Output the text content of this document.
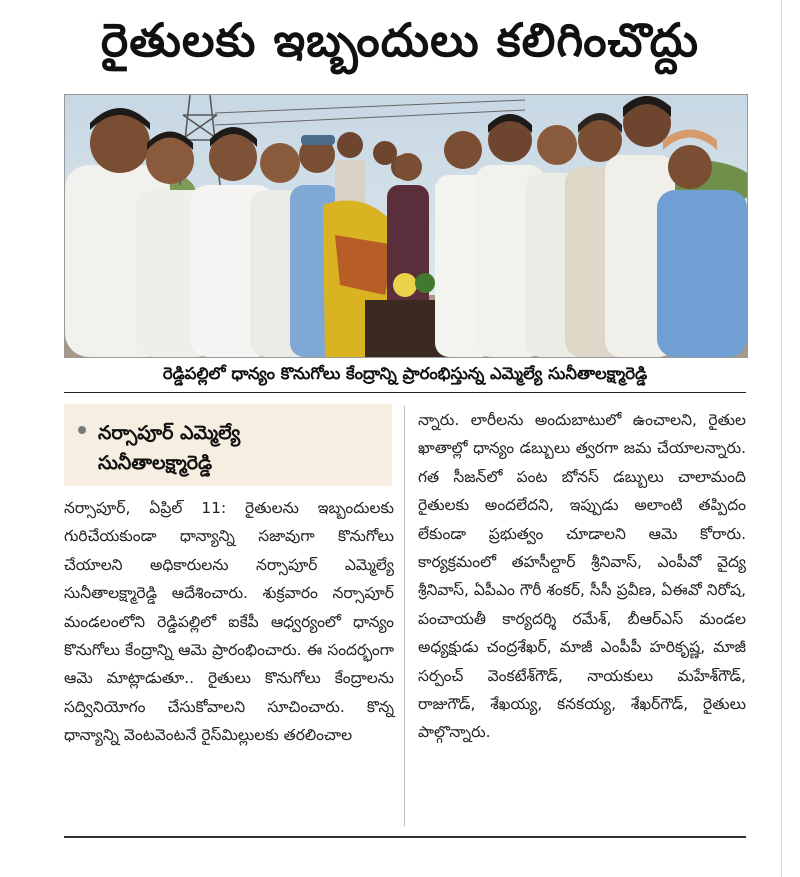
రైతులకు ఇబ్బందులు కలిగించొద్దు
రెడ్డిపల్లిలో ధాన్యం కొనుగోలు కేంద్రాన్ని ప్రారంభిస్తున్న ఎమ్మెల్యే సునీతాలక్ష్మారెడ్డి
నర్సాపూర్ ఎమ్మెల్యే
సునీతాలక్ష్మారెడ్డి

నర్సాపూర్, ఏప్రిల్ 11: రైతులను ఇబ్బందులకు గురిచేయకుండా ధాన్యాన్ని సజావుగా కొనుగోలు చేయాలని అధికారులను నర్సాపూర్ ఎమ్మెల్యే సునీతాలక్ష్మారెడ్డి ఆదేశించారు. శుక్రవారం నర్సాపూర్ మండలంలోని రెడ్డిపల్లిలో ఐకేపీ ఆధ్వర్యంలో ధాన్యం కొనుగోలు కేంద్రాన్ని ఆమె ప్రారంభించారు. ఈ సందర్భంగా ఆమె మాట్లాడుతూ.. రైతులు కొనుగోలు కేంద్రాలను సద్వినియోగం చేసుకోవాలని సూచించారు. కొన్న ధాన్యాన్ని వెంటవెంటనే రైస్‌మిల్లులకు తరలించాల

న్నారు. లారీలను అందుబాటులో ఉంచాలని, రైతుల ఖాతాల్లో ధాన్యం డబ్బులు త్వరగా జమ చేయాలన్నారు. గత సీజన్‌లో పంట బోనస్ డబ్బులు చాలామంది రైతులకు అందలేదని, ఇప్పుడు అలాంటి తప్పిదం లేకుండా ప్రభుత్వం చూడాలని ఆమె కోరారు. కార్యక్రమంలో తహసీల్దార్ శ్రీనివాస్, ఎంపీవో వైద్య శ్రీనివాస్, ఏపీఎం గౌరీ శంకర్, సీసీ ప్రవీణ, ఏఈవో నిరోష, పంచాయతీ కార్యదర్శి రమేశ్, బీఆర్‌ఎస్ మండల అధ్యక్షుడు చంద్రశేఖర్, మాజీ ఎంపీపీ హరికృష్ణ, మాజీ సర్పంచ్ వెంకటేశ్‌గౌడ్, నాయకులు మహేశ్‌గౌడ్, రాజుగౌడ్, శేఖయ్య, కనకయ్య, శేఖర్‌గౌడ్, రైతులు పాల్గొన్నారు.
